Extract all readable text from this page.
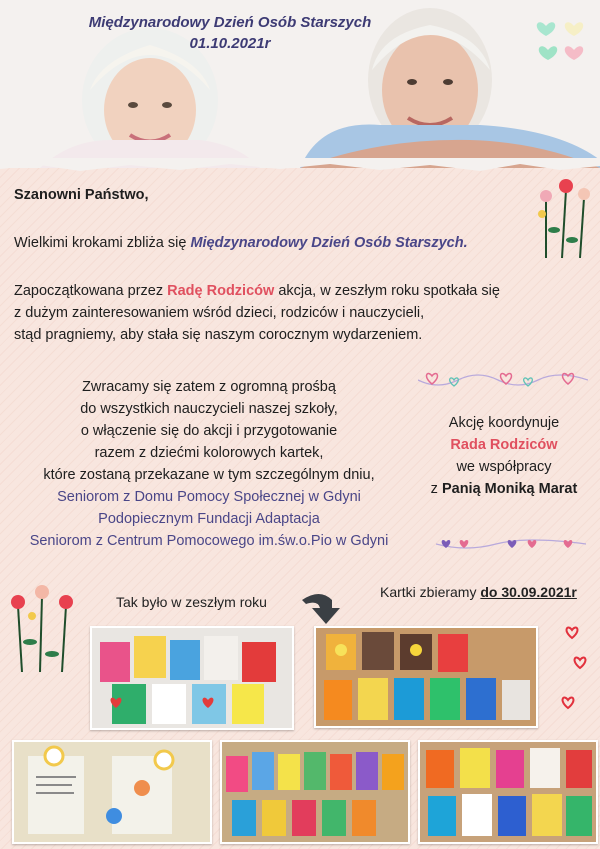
Międzynarodowy Dzień Osób Starszych
01.10.2021r
Szanowni Państwo,
Wielkimi krokami zbliża się Międzynarodowy Dzień Osób Starszych.
Zapoczątkowana przez Radę Rodziców akcja, w zeszłym roku spotkała się
z dużym zainteresowaniem wśród dzieci, rodziców i nauczycieli,
stąd pragniemy, aby stała się naszym corocznym wydarzeniem.
Zwracamy się zatem z ogromną prośbą
do wszystkich nauczycieli naszej szkoły,
o włączenie się do akcji i przygotowanie
razem z dziećmi kolorowych kartek,
które zostaną przekazane w tym szczególnym dniu,
Seniorom z Domu Pomocy Społecznej w Gdyni
Podopiecznym Fundacji Adaptacja
Seniorom z Centrum Pomocowego im.św.o.Pio w Gdyni
Akcję koordynuje
Rada Rodziców
we współpracy
z Panią Moniką Marat
Tak było w zeszłym roku
Kartki zbieramy do 30.09.2021r
